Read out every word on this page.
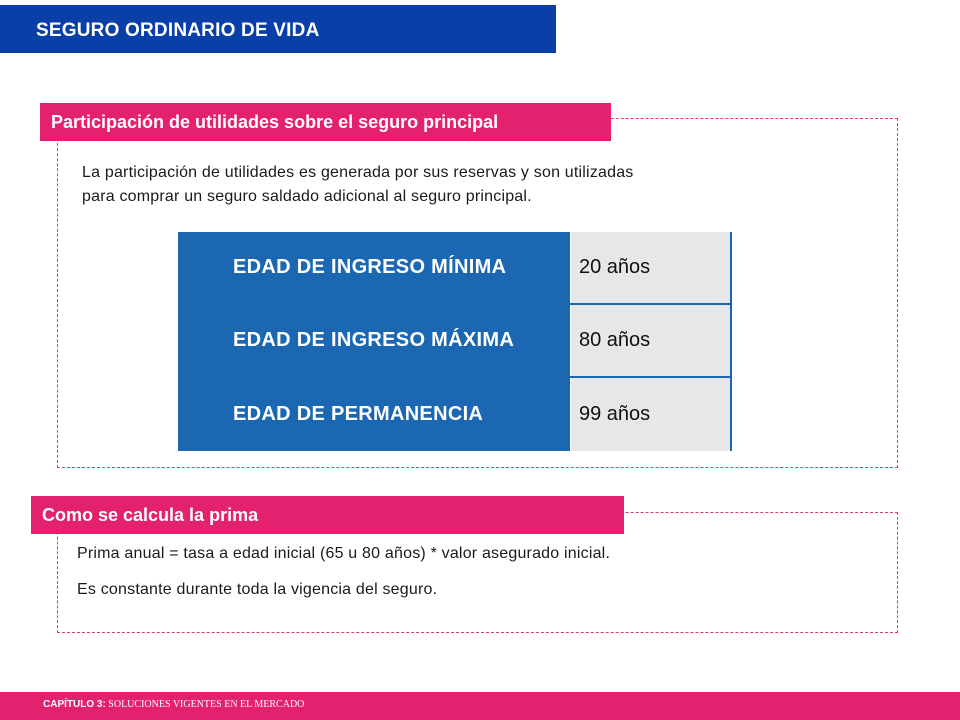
SEGURO ORDINARIO DE VIDA
Participación de utilidades sobre el seguro principal
La participación de utilidades es generada por sus reservas y son utilizadas
para comprar un seguro saldado adicional al seguro principal.
EDAD DE INGRESO MÍNIMA	20 años
EDAD DE INGRESO MÁXIMA	80 años
EDAD DE PERMANENCIA	99 años
Como se calcula la prima
Prima anual = tasa a edad inicial (65 u 80 años) * valor asegurado inicial.
Es constante durante toda la vigencia del seguro.
CAPÍTULO 3: SOLUCIONES VIGENTES EN EL MERCADO
